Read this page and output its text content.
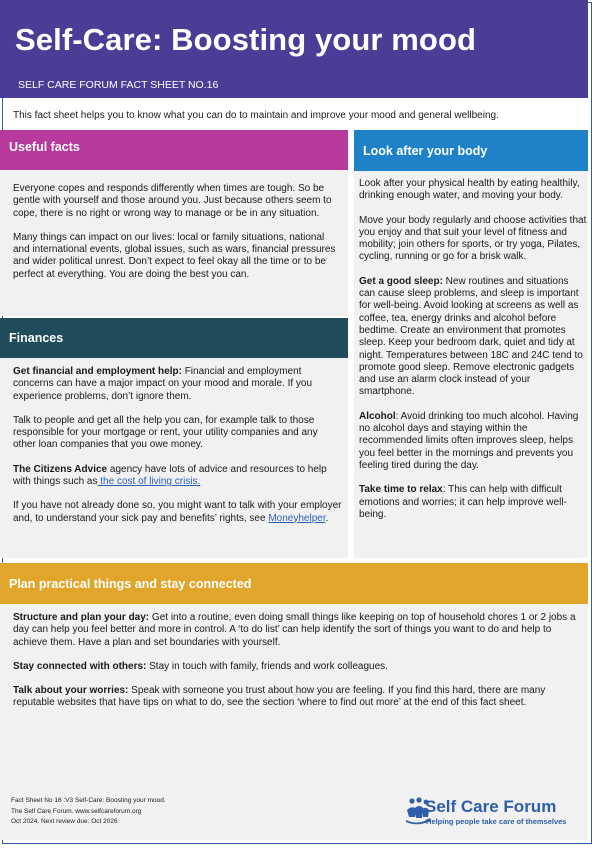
Self-Care: Boosting your mood
SELF CARE FORUM FACT SHEET NO.16
This fact sheet helps you to know what you can do to maintain and improve your mood and general wellbeing.
Useful facts

Everyone copes and responds differently when times are tough. So be gentle with yourself and those around you. Just because others seem to cope, there is no right or wrong way to manage or be in any situation.

Many things can impact on our lives: local or family situations, national and international events, global issues, such as wars, financial pressures and wider political unrest. Don’t expect to feel okay all the time or to be perfect at everything. You are doing the best you can.

Finances

Get financial and employment help: Financial and employment concerns can have a major impact on your mood and morale. If you experience problems, don’t ignore them.

Talk to people and get all the help you can, for example talk to those responsible for your mortgage or rent, your utility companies and any other loan companies that you owe money.

The Citizens Advice agency have lots of advice and resources to help with things such as the cost of living crisis.

If you have not already done so, you might want to talk with your employer and, to understand your sick pay and benefits’ rights, see Moneyhelper.

Look after your body

Look after your physical health by eating healthily, drinking enough water, and moving your body.

Move your body regularly and choose activities that you enjoy and that suit your level of fitness and mobility; join others for sports, or try yoga, Pilates, cycling, running or go for a brisk walk.

Get a good sleep: New routines and situations can cause sleep problems, and sleep is important for well-being. Avoid looking at screens as well as coffee, tea, energy drinks and alcohol before bedtime. Create an environment that promotes sleep. Keep your bedroom dark, quiet and tidy at night. Temperatures between 18C and 24C tend to promote good sleep. Remove electronic gadgets and use an alarm clock instead of your smartphone.

Alcohol: Avoid drinking too much alcohol. Having no alcohol days and staying within the recommended limits often improves sleep, helps you feel better in the mornings and prevents you feeling tired during the day.

Take time to relax: This can help with difficult emotions and worries; it can help improve well-being.

Plan practical things and stay connected

Structure and plan your day: Get into a routine, even doing small things like keeping on top of household chores 1 or 2 jobs a day can help you feel better and more in control. A ‘to do list’ can help identify the sort of things you want to do and help to achieve them. Have a plan and set boundaries with yourself.

Stay connected with others: Stay in touch with family, friends and work colleagues.

Talk about your worries: Speak with someone you trust about how you are feeling. If you find this hard, there are many reputable websites that have tips on what to do, see the section ‘where to find out more’ at the end of this fact sheet.

Fact Sheet No 16 :V3 Self-Care: Boosting your mood.
The Self Care Forum. www.selfcareforum.org
Oct 2024. Next review due: Oct 2026
Self Care Forum
Helping people take care of themselves
